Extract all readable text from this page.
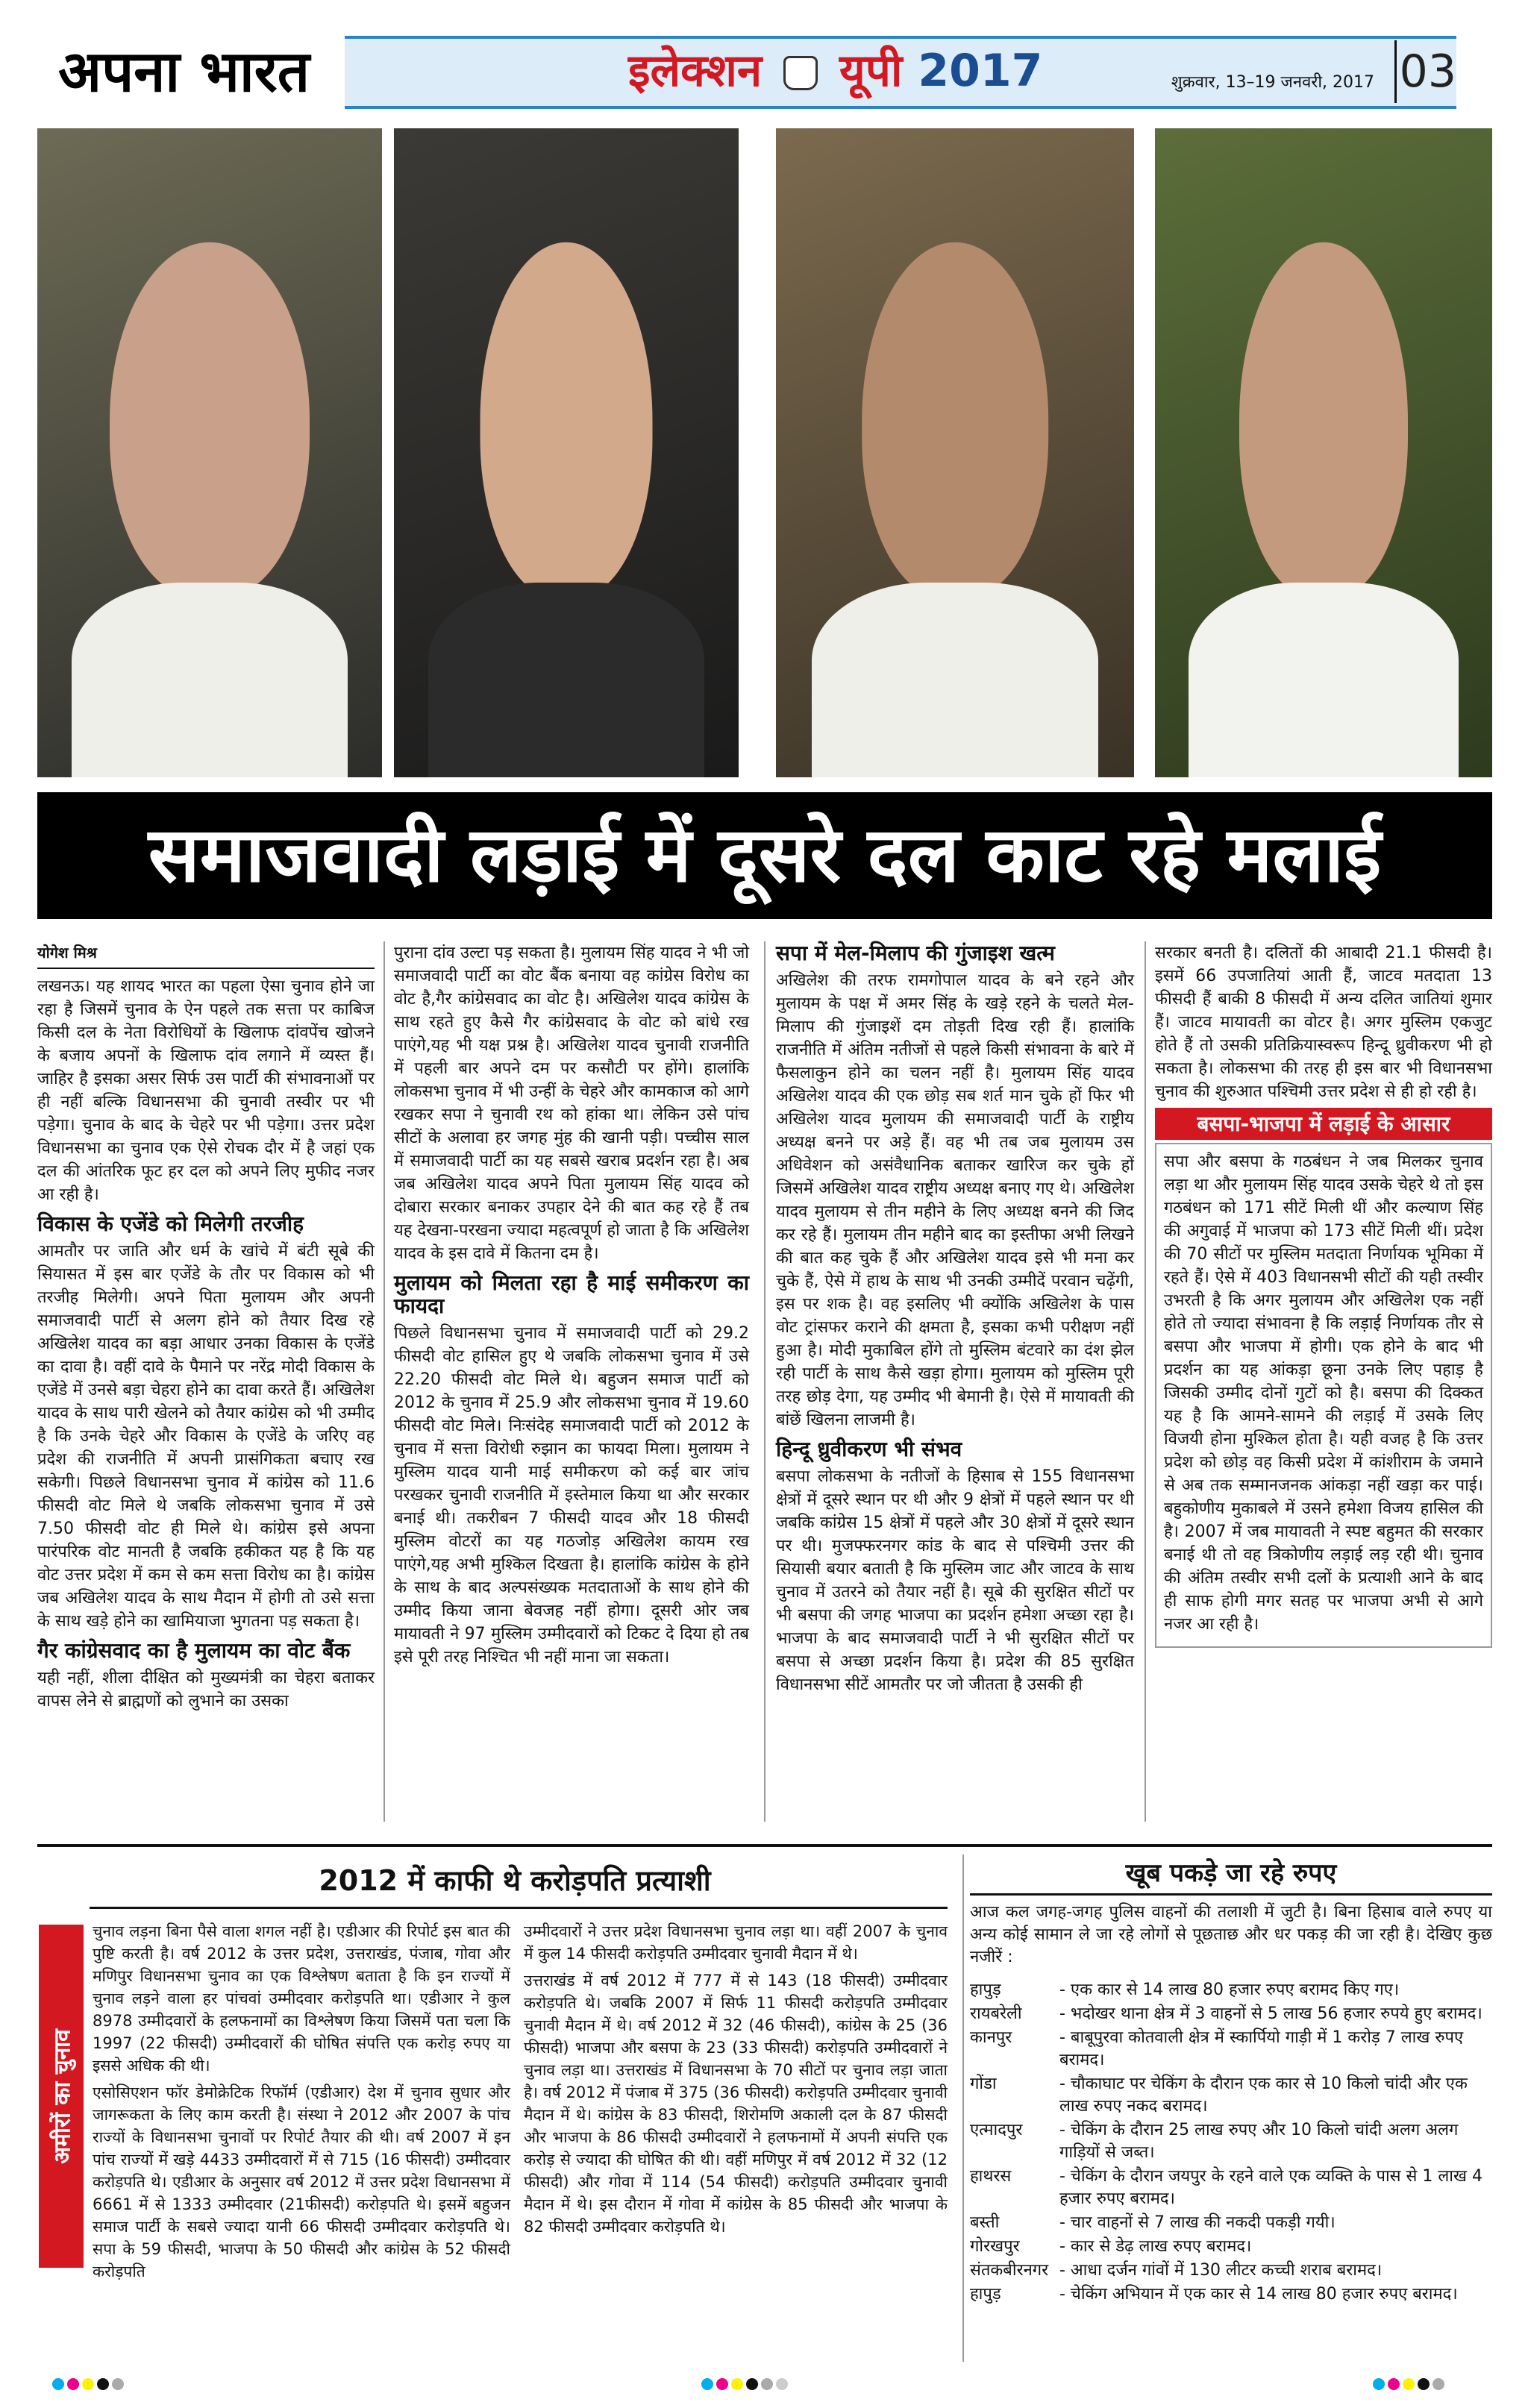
अपना भारत	इलेक्शन यूपी 2017	शुक्रवार, 13–19 जनवरी, 2017 03
समाजवादी लड़ाई में दूसरे दल काट रहे मलाई
योगेश मिश्र

लखनऊ। यह शायद भारत का पहला ऐसा चुनाव होने जा रहा है जिसमें चुनाव के ऐन पहले तक सत्ता पर काबिज किसी दल के नेता विरोधियों के खिलाफ दांवपेंच खोजने के बजाय अपनों के खिलाफ दांव लगाने में व्यस्त हैं। जाहिर है इसका असर सिर्फ उस पार्टी की संभावनाओं पर ही नहीं बल्कि विधानसभा की चुनावी तस्वीर पर भी पड़ेगा। चुनाव के बाद के चेहरे पर भी पड़ेगा। उत्तर प्रदेश विधानसभा का चुनाव एक ऐसे रोचक दौर में है जहां एक दल की आंतरिक फूट हर दल को अपने लिए मुफीद नजर आ रही है।

विकास के एजेंडे को मिलेगी तरजीह

आमतौर पर जाति और धर्म के खांचे में बंटी सूबे की सियासत में इस बार एजेंडे के तौर पर विकास को भी तरजीह मिलेगी। अपने पिता मुलायम और अपनी समाजवादी पार्टी से अलग होने को तैयार दिख रहे अखिलेश यादव का बड़ा आधार उनका विकास के एजेंडे का दावा है। वहीं दावे के पैमाने पर नरेंद्र मोदी विकास के एजेंडे में उनसे बड़ा चेहरा होने का दावा करते हैं। अखिलेश यादव के साथ पारी खेलने को तैयार कांग्रेस को भी उम्मीद है कि उनके चेहरे और विकास के एजेंडे के जरिए वह प्रदेश की राजनीति में अपनी प्रासंगिकता बचाए रख सकेगी। पिछले विधानसभा चुनाव में कांग्रेस को 11.6 फीसदी वोट मिले थे जबकि लोकसभा चुनाव में उसे 7.50 फीसदी वोट ही मिले थे। कांग्रेस इसे अपना पारंपरिक वोट मानती है जबकि हकीकत यह है कि यह वोट उत्तर प्रदेश में कम से कम सत्ता विरोध का है। कांग्रेस जब अखिलेश यादव के साथ मैदान में होगी तो उसे सत्ता के साथ खड़े होने का खामियाजा भुगतना पड़ सकता है।

गैर कांग्रेसवाद का है मुलायम का वोट बैंक

यही नहीं, शीला दीक्षित को मुख्यमंत्री का चेहरा बताकर वापस लेने से ब्राह्मणों को लुभाने का उसका

पुराना दांव उल्टा पड़ सकता है। मुलायम सिंह यादव ने भी जो समाजवादी पार्टी का वोट बैंक बनाया वह कांग्रेस विरोध का वोट है,गैर कांग्रेसवाद का वोट है। अखिलेश यादव कांग्रेस के साथ रहते हुए कैसे गैर कांग्रेसवाद के वोट को बांधे रख पाएंगे,यह भी यक्ष प्रश्न है। अखिलेश यादव चुनावी राजनीति में पहली बार अपने दम पर कसौटी पर होंगे। हालांकि लोकसभा चुनाव में भी उन्हीं के चेहरे और कामकाज को आगे रखकर सपा ने चुनावी रथ को हांका था। लेकिन उसे पांच सीटों के अलावा हर जगह मुंह की खानी पड़ी। पच्चीस साल में समाजवादी पार्टी का यह सबसे खराब प्रदर्शन रहा है। अब जब अखिलेश यादव अपने पिता मुलायम सिंह यादव को दोबारा सरकार बनाकर उपहार देने की बात कह रहे हैं तब यह देखना-परखना ज्यादा महत्वपूर्ण हो जाता है कि अखिलेश यादव के इस दावे में कितना दम है।

मुलायम को मिलता रहा है माई समीकरण का फायदा

पिछले विधानसभा चुनाव में समाजवादी पार्टी को 29.2 फीसदी वोट हासिल हुए थे जबकि लोकसभा चुनाव में उसे 22.20 फीसदी वोट मिले थे। बहुजन समाज पार्टी को 2012 के चुनाव में 25.9 और लोकसभा चुनाव में 19.60 फीसदी वोट मिले। निःसंदेह समाजवादी पार्टी को 2012 के चुनाव में सत्ता विरोधी रुझान का फायदा मिला। मुलायम ने मुस्लिम यादव यानी माई समीकरण को कई बार जांच परखकर चुनावी राजनीति में इस्तेमाल किया था और सरकार बनाई थी। तकरीबन 7 फीसदी यादव और 18 फीसदी मुस्लिम वोटरों का यह गठजोड़ अखिलेश कायम रख पाएंगे,यह अभी मुश्किल दिखता है। हालांकि कांग्रेस के होने के साथ के बाद अल्पसंख्यक मतदाताओं के साथ होने की उम्मीद किया जाना बेवजह नहीं होगा। दूसरी ओर जब मायावती ने 97 मुस्लिम उम्मीदवारों को टिकट दे दिया हो तब इसे पूरी तरह निश्चित भी नहीं माना जा सकता।

सपा में मेल-मिलाप की गुंजाइश खत्म

अखिलेश की तरफ रामगोपाल यादव के बने रहने और मुलायम के पक्ष में अमर सिंह के खड़े रहने के चलते मेल-मिलाप की गुंजाइशें दम तोड़ती दिख रही हैं। हालांकि राजनीति में अंतिम नतीजों से पहले किसी संभावना के बारे में फैसलाकुन होने का चलन नहीं है। मुलायम सिंह यादव अखिलेश यादव की एक छोड़ सब शर्त मान चुके हों फिर भी अखिलेश यादव मुलायम की समाजवादी पार्टी के राष्ट्रीय अध्यक्ष बनने पर अड़े हैं। वह भी तब जब मुलायम उस अधिवेशन को असंवैधानिक बताकर खारिज कर चुके हों जिसमें अखिलेश यादव राष्ट्रीय अध्यक्ष बनाए गए थे। अखिलेश यादव मुलायम से तीन महीने के लिए अध्यक्ष बनने की जिद कर रहे हैं। मुलायम तीन महीने बाद का इस्तीफा अभी लिखने की बात कह चुके हैं और अखिलेश यादव इसे भी मना कर चुके हैं, ऐसे में हाथ के साथ भी उनकी उम्मीदें परवान चढ़ेंगी, इस पर शक है। वह इसलिए भी क्योंकि अखिलेश के पास वोट ट्रांसफर कराने की क्षमता है, इसका कभी परीक्षण नहीं हुआ है। मोदी मुकाबिल होंगे तो मुस्लिम बंटवारे का दंश झेल रही पार्टी के साथ कैसे खड़ा होगा। मुलायम को मुस्लिम पूरी तरह छोड़ देगा, यह उम्मीद भी बेमानी है। ऐसे में मायावती की बांछें खिलना लाजमी है।

हिन्दू ध्रुवीकरण भी संभव

बसपा लोकसभा के नतीजों के हिसाब से 155 विधानसभा क्षेत्रों में दूसरे स्थान पर थी और 9 क्षेत्रों में पहले स्थान पर थी जबकि कांग्रेस 15 क्षेत्रों में पहले और 30 क्षेत्रों में दूसरे स्थान पर थी। मुजफ्फरनगर कांड के बाद से पश्चिमी उत्तर की सियासी बयार बताती है कि मुस्लिम जाट और जाटव के साथ चुनाव में उतरने को तैयार नहीं है। सूबे की सुरक्षित सीटों पर भी बसपा की जगह भाजपा का प्रदर्शन हमेशा अच्छा रहा है। भाजपा के बाद समाजवादी पार्टी ने भी सुरक्षित सीटों पर बसपा से अच्छा प्रदर्शन किया है। प्रदेश की 85 सुरक्षित विधानसभा सीटें आमतौर पर जो जीतता है उसकी ही

सरकार बनती है। दलितों की आबादी 21.1 फीसदी है। इसमें 66 उपजातियां आती हैं, जाटव मतदाता 13 फीसदी हैं बाकी 8 फीसदी में अन्य दलित जातियां शुमार हैं। जाटव मायावती का वोटर है। अगर मुस्लिम एकजुट होते हैं तो उसकी प्रतिक्रियास्वरूप हिन्दू ध्रुवीकरण भी हो सकता है। लोकसभा की तरह ही इस बार भी विधानसभा चुनाव की शुरुआत पश्चिमी उत्तर प्रदेश से ही हो रही है।

बसपा-भाजपा में लड़ाई के आसार

सपा और बसपा के गठबंधन ने जब मिलकर चुनाव लड़ा था और मुलायम सिंह यादव उसके चेहरे थे तो इस गठबंधन को 171 सीटें मिली थीं और कल्याण सिंह की अगुवाई में भाजपा को 173 सीटें मिली थीं। प्रदेश की 70 सीटों पर मुस्लिम मतदाता निर्णायक भूमिका में रहते हैं। ऐसे में 403 विधानसभी सीटों की यही तस्वीर उभरती है कि अगर मुलायम और अखिलेश एक नहीं होते तो ज्यादा संभावना है कि लड़ाई निर्णायक तौर से बसपा और भाजपा में होगी। एक होने के बाद भी प्रदर्शन का यह आंकड़ा छूना उनके लिए पहाड़ है जिसकी उम्मीद दोनों गुटों को है। बसपा की दिक्कत यह है कि आमने-सामने की लड़ाई में उसके लिए विजयी होना मुश्किल होता है। यही वजह है कि उत्तर प्रदेश को छोड़ वह किसी प्रदेश में कांशीराम के जमाने से अब तक सम्मानजनक आंकड़ा नहीं खड़ा कर पाई। बहुकोणीय मुकाबले में उसने हमेशा विजय हासिल की है। 2007 में जब मायावती ने स्पष्ट बहुमत की सरकार बनाई थी तो वह त्रिकोणीय लड़ाई लड़ रही थी। चुनाव की अंतिम तस्वीर सभी दलों के प्रत्याशी आने के बाद ही साफ होगी मगर सतह पर भाजपा अभी से आगे नजर आ रही है।

2012 में काफी थे करोड़पति प्रत्याशी
अमीरों का चुनाव

चुनाव लड़ना बिना पैसे वाला शगल नहीं है। एडीआर की रिपोर्ट इस बात की पुष्टि करती है। वर्ष 2012 के उत्तर प्रदेश, उत्तराखंड, पंजाब, गोवा और मणिपुर विधानसभा चुनाव का एक विश्लेषण बताता है कि इन राज्यों में चुनाव लड़ने वाला हर पांचवां उम्मीदवार करोड़पति था। एडीआर ने कुल 8978 उम्मीदवारों के हलफनामों का विश्लेषण किया जिसमें पता चला कि 1997 (22 फीसदी) उम्मीदवारों की घोषित संपत्ति एक करोड़ रुपए या इससे अधिक की थी।

एसोसिएशन फॉर डेमोक्रेटिक रिफॉर्म (एडीआर) देश में चुनाव सुधार और जागरूकता के लिए काम करती है। संस्था ने 2012 और 2007 के पांच राज्यों के विधानसभा चुनावों पर रिपोर्ट तैयार की थी। वर्ष 2007 में इन पांच राज्यों में खड़े 4433 उम्मीदवारों में से 715 (16 फीसदी) उम्मीदवार करोड़पति थे। एडीआर के अनुसार वर्ष 2012 में उत्तर प्रदेश विधानसभा में 6661 में से 1333 उम्मीदवार (21फीसदी) करोड़पति थे। इसमें बहुजन समाज पार्टी के सबसे ज्यादा यानी 66 फीसदी उम्मीदवार करोड़पति थे। सपा के 59 फीसदी, भाजपा के 50 फीसदी और कांग्रेस के 52 फीसदी करोड़पति

उम्मीदवारों ने उत्तर प्रदेश विधानसभा चुनाव लड़ा था। वहीं 2007 के चुनाव में कुल 14 फीसदी करोड़पति उम्मीदवार चुनावी मैदान में थे।

उत्तराखंड में वर्ष 2012 में 777 में से 143 (18 फीसदी) उम्मीदवार करोड़पति थे। जबकि 2007 में सिर्फ 11 फीसदी करोड़पति उम्मीदवार चुनावी मैदान में थे। वर्ष 2012 में 32 (46 फीसदी), कांग्रेस के 25 (36 फीसदी) भाजपा और बसपा के 23 (33 फीसदी) करोड़पति उम्मीदवारों ने चुनाव लड़ा था। उत्तराखंड में विधानसभा के 70 सीटों पर चुनाव लड़ा जाता है। वर्ष 2012 में पंजाब में 375 (36 फीसदी) करोड़पति उम्मीदवार चुनावी मैदान में थे। कांग्रेस के 83 फीसदी, शिरोमणि अकाली दल के 87 फीसदी और भाजपा के 86 फीसदी उम्मीदवारों ने हलफनामों में अपनी संपत्ति एक करोड़ से ज्यादा की घोषित की थी। वहीं मणिपुर में वर्ष 2012 में 32 (12 फीसदी) और गोवा में 114 (54 फीसदी) करोड़पति उम्मीदवार चुनावी मैदान में थे। इस दौरान में गोवा में कांग्रेस के 85 फीसदी और भाजपा के 82 फीसदी उम्मीदवार करोड़पति थे।

खूब पकड़े जा रहे रुपए
आज कल जगह-जगह पुलिस वाहनों की तलाशी में जुटी है। बिना हिसाब वाले रुपए या अन्य कोई सामान ले जा रहे लोगों से पूछताछ और धर पकड़ की जा रही है। देखिए कुछ नजीरें :
हापुड़	- एक कार से 14 लाख 80 हजार रुपए बरामद किए गए।
रायबरेली	- भदोखर थाना क्षेत्र में 3 वाहनों से 5 लाख 56 हजार रुपये हुए बरामद।
कानपुर	- बाबूपुरवा कोतवाली क्षेत्र में स्कार्पियो गाड़ी में 1 करोड़ 7 लाख रुपए बरामद।
गोंडा	- चौकाघाट पर चेकिंग के दौरान एक कार से 10 किलो चांदी और एक लाख रुपए नकद बरामद।
एत्मादपुर	- चेकिंग के दौरान 25 लाख रुपए और 10 किलो चांदी अलग अलग गाड़ियों से जब्त।
हाथरस	- चेकिंग के दौरान जयपुर के रहने वाले एक व्यक्ति के पास से 1 लाख 4 हजार रुपए बरामद।
बस्ती	- चार वाहनों से 7 लाख की नकदी पकड़ी गयी।
गोरखपुर	- कार से डेढ़ लाख रुपए बरामद।
संतकबीरनगर - आधा दर्जन गांवों में 130 लीटर कच्ची शराब बरामद।
हापुड़	- चेकिंग अभियान में एक कार से 14 लाख 80 हजार रुपए बरामद।
